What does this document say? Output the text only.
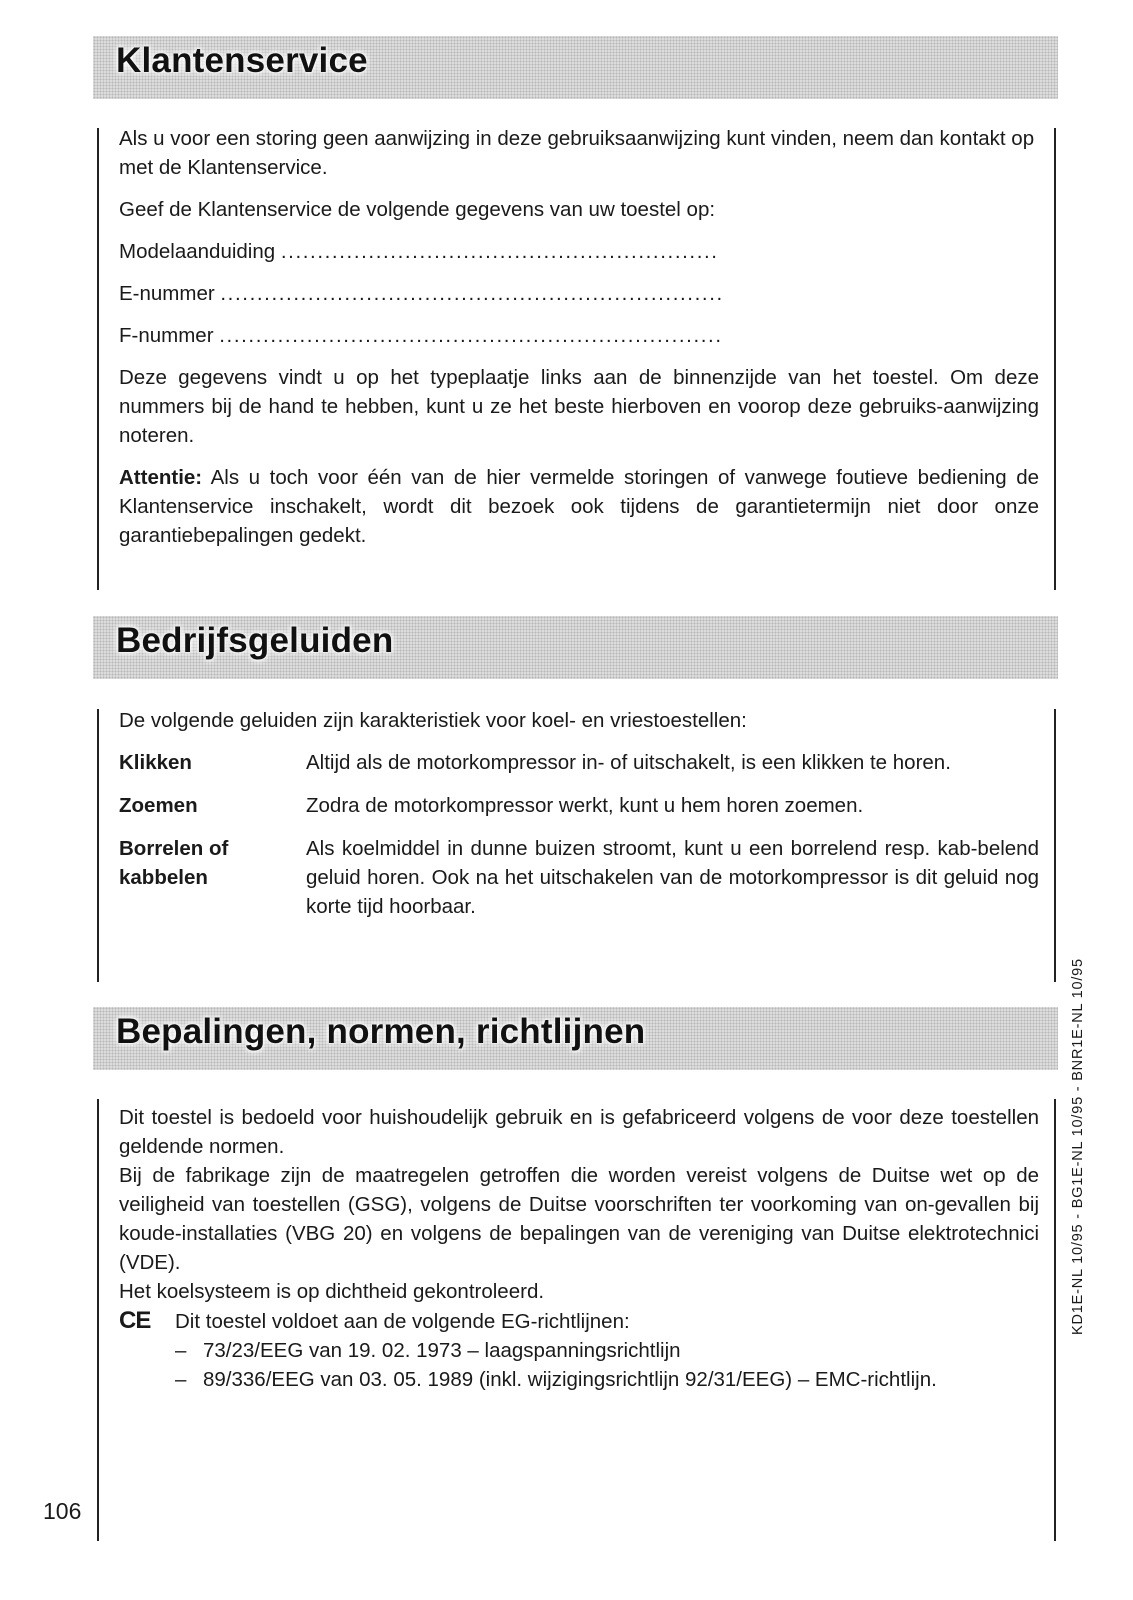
Klantenservice

Als u voor een storing geen aanwijzing in deze gebruiksaanwijzing kunt vinden, neem dan kontakt op met de Klantenservice.

Geef de Klantenservice de volgende gegevens van uw toestel op:

Modelaanduiding ............................................................
E-nummer .....................................................................
F-nummer .....................................................................

Deze gegevens vindt u op het typeplaatje links aan de binnenzijde van het toestel. Om deze nummers bij de hand te hebben, kunt u ze het beste hierboven en voorop deze gebruiks-aanwijzing noteren.

Attentie: Als u toch voor één van de hier vermelde storingen of vanwege foutieve bediening de Klantenservice inschakelt, wordt dit bezoek ook tijdens de garantietermijn niet door onze garantiebepalingen gedekt.

Bedrijfsgeluiden

De volgende geluiden zijn karakteristiek voor koel- en vriestoestellen:

Klikken	Altijd als de motorkompressor in- of uitschakelt, is een klikken te horen.
Zoemen	Zodra de motorkompressor werkt, kunt u hem horen zoemen.
Borrelen of kabbelen
Als koelmiddel in dunne buizen stroomt, kunt u een borrelend resp. kab-belend geluid horen. Ook na het uitschakelen van de motorkompressor is dit geluid nog korte tijd hoorbaar.
Bepalingen, normen, richtlijnen
Dit toestel is bedoeld voor huishoudelijk gebruik en is gefabriceerd volgens de voor deze toestellen geldende normen.
Bij de fabrikage zijn de maatregelen getroffen die worden vereist volgens de Duitse wet op de veiligheid van toestellen (GSG), volgens de Duitse voorschriften ter voorkoming van on-gevallen bij koude-installaties (VBG 20) en volgens de bepalingen van de vereniging van Duitse elektrotechnici (VDE).
Het koelsysteem is op dichtheid gekontroleerd.
CE Dit toestel voldoet aan de volgende EG-richtlijnen:
– 73/23/EEG van 19. 02. 1973 – laagspanningsrichtlijn
– 89/336/EEG van 03. 05. 1989 (inkl. wijzigingsrichtlijn 92/31/EEG) – EMC-richtlijn.
106
KD1E-NL 10/95 - BG1E-NL 10/95 - BNR1E-NL 10/95
